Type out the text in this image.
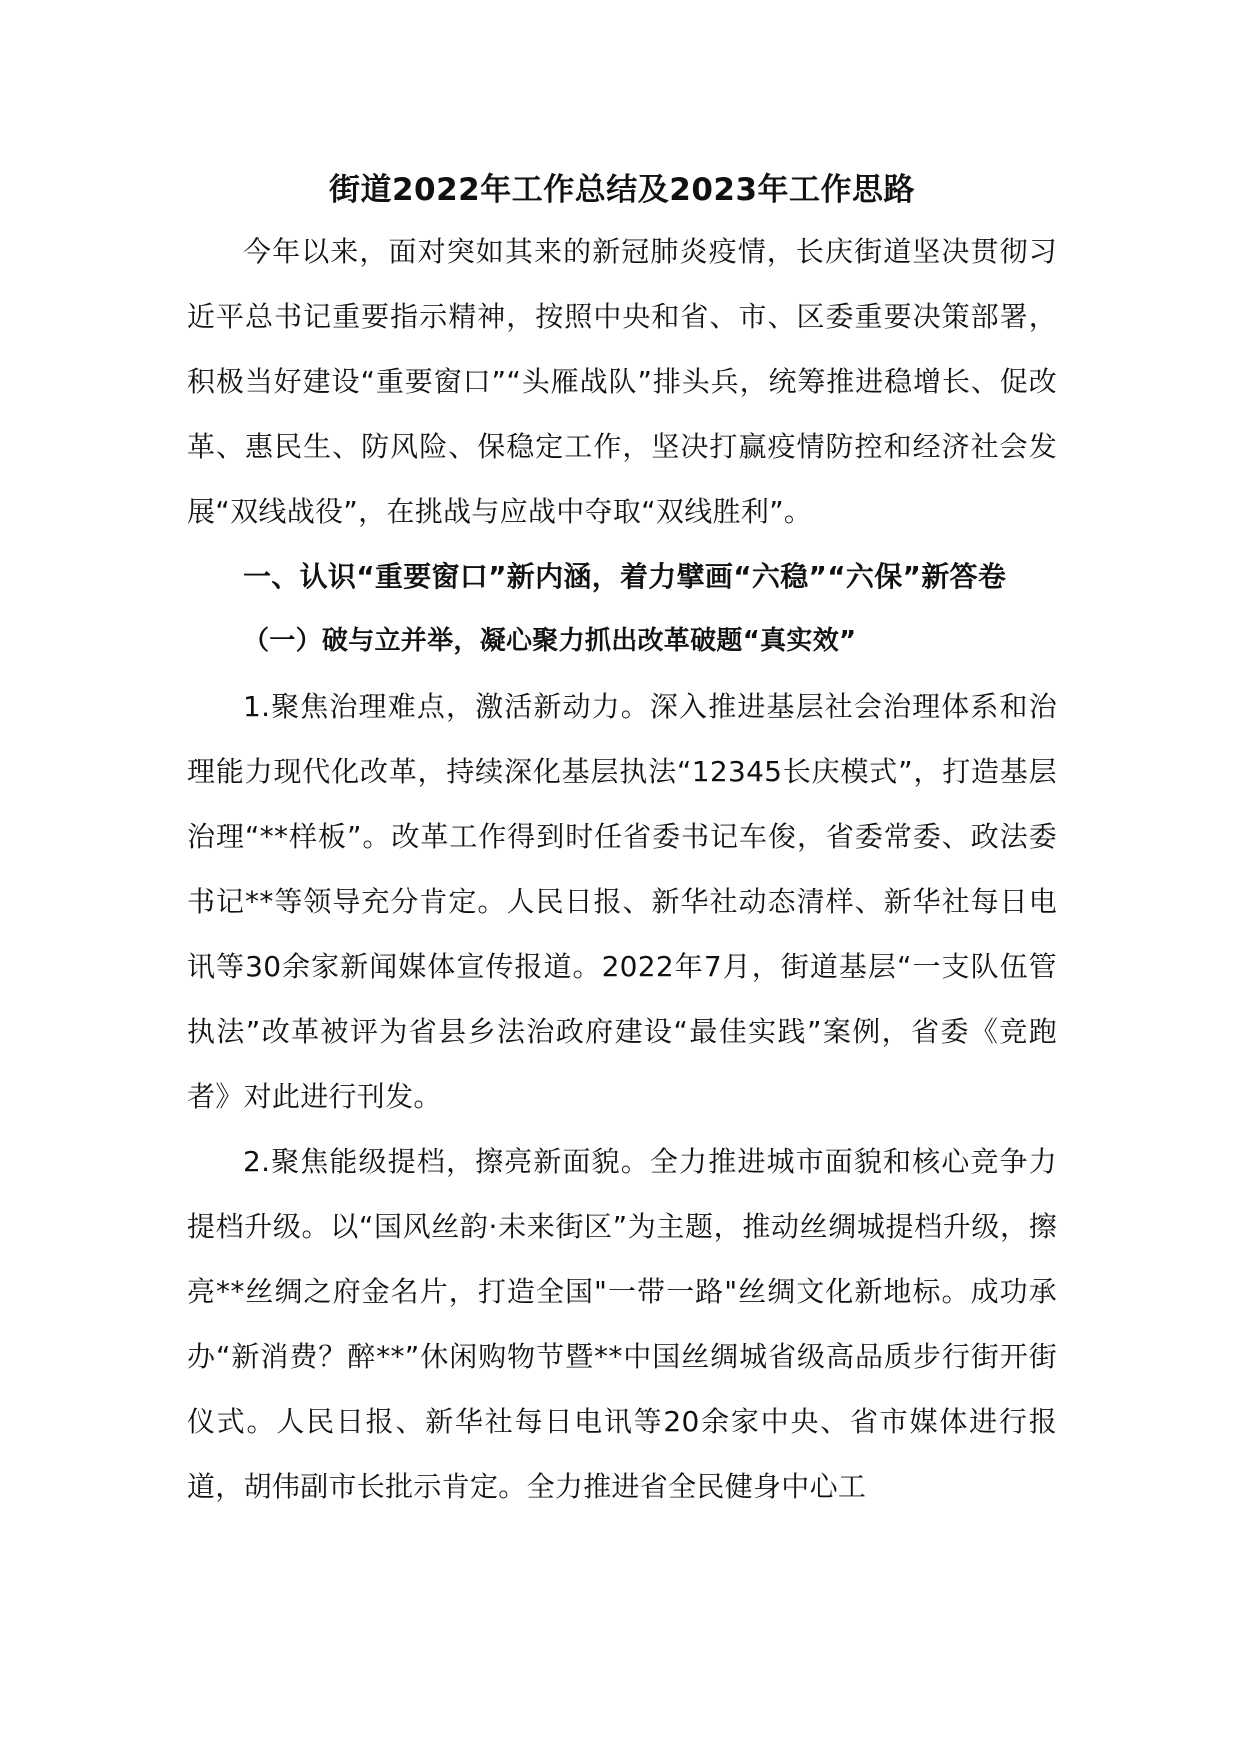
街道2022年工作总结及2023年工作思路

今年以来，面对突如其来的新冠肺炎疫情，长庆街道坚决贯彻习近平总书记重要指示精神，按照中央和省、市、区委重要决策部署，积极当好建设“重要窗口”“头雁战队”排头兵，统筹推进稳增长、促改革、惠民生、防风险、保稳定工作，坚决打赢疫情防控和经济社会发展“双线战役”，在挑战与应战中夺取“双线胜利”。

一、认识“重要窗口”新内涵，着力擘画“六稳”“六保”新答卷

（一）破与立并举，凝心聚力抓出改革破题“真实效”

1.聚焦治理难点，激活新动力。深入推进基层社会治理体系和治理能力现代化改革，持续深化基层执法“12345长庆模式”，打造基层治理“**样板”。改革工作得到时任省委书记车俊，省委常委、政法委书记**等领导充分肯定。人民日报、新华社动态清样、新华社每日电讯等30余家新闻媒体宣传报道。2022年7月，街道基层“一支队伍管执法”改革被评为省县乡法治政府建设“最佳实践”案例，省委《竞跑者》对此进行刊发。

2.聚焦能级提档，擦亮新面貌。全力推进城市面貌和核心竞争力提档升级。以“国风丝韵·未来街区”为主题，推动丝绸城提档升级，擦亮**丝绸之府金名片，打造全国"一带一路"丝绸文化新地标。成功承办“新消费？醉**”休闲购物节暨**中国丝绸城省级高品质步行街开街仪式。人民日报、新华社每日电讯等20余家中央、省市媒体进行报道，胡伟副市长批示肯定。全力推进省全民健身中心工
